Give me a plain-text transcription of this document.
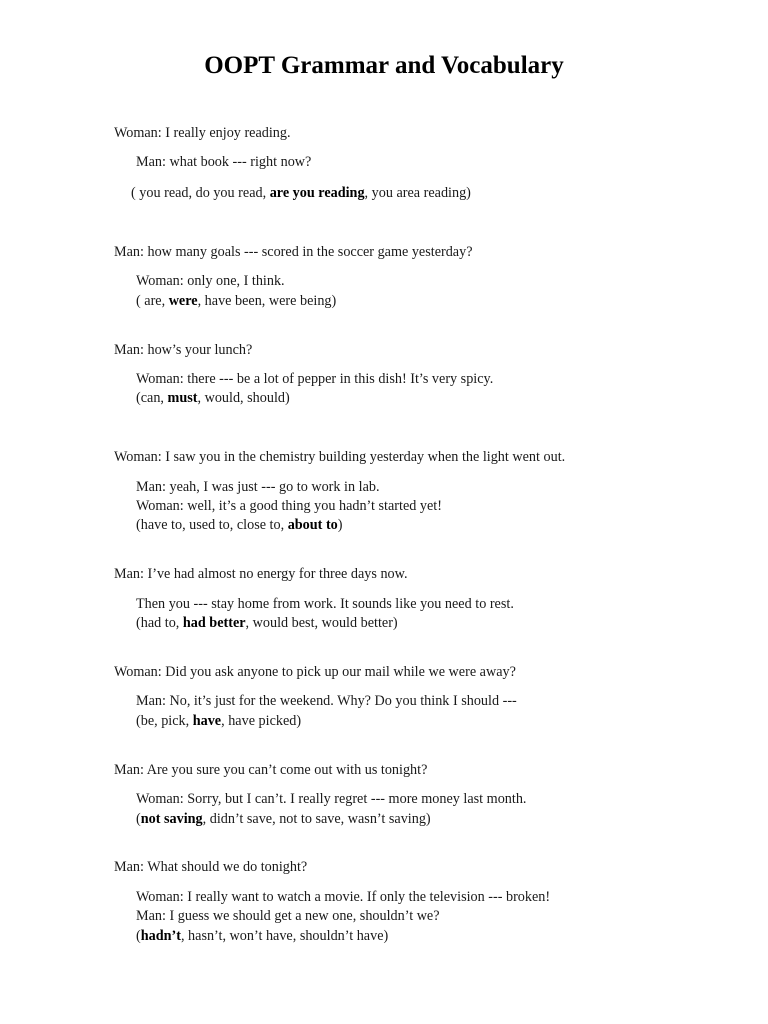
OOPT Grammar and Vocabulary
Woman: I really enjoy reading.
Man: what book --- right now?
( you read, do you read, are you reading, you area reading)
Man: how many goals --- scored in the soccer game yesterday?
Woman: only one, I think.
( are, were, have been, were being)
Man: how’s your lunch?
Woman: there --- be a lot of pepper in this dish! It’s very spicy.
(can, must, would, should)
Woman: I saw you in the chemistry building yesterday when the light went out.
Man: yeah, I was just --- go to work in lab.
Woman: well, it’s a good thing you hadn’t started yet!
(have to, used to, close to, about to)
Man: I’ve had almost no energy for three days now.
Then you --- stay home from work. It sounds like you need to rest.
(had to, had better, would best, would better)
Woman: Did you ask anyone to pick up our mail while we were away?
Man: No, it’s just for the weekend. Why? Do you think I should ---
(be, pick, have, have picked)
Man: Are you sure you can’t come out with us tonight?
Woman: Sorry, but I can’t. I really regret --- more money last month.
(not saving, didn’t save, not to save, wasn’t saving)
Man: What should we do tonight?
Woman: I really want to watch a movie. If only the television --- broken!
Man: I guess we should get a new one, shouldn’t we?
(hadn’t, hasn’t, won’t have, shouldn’t have)
